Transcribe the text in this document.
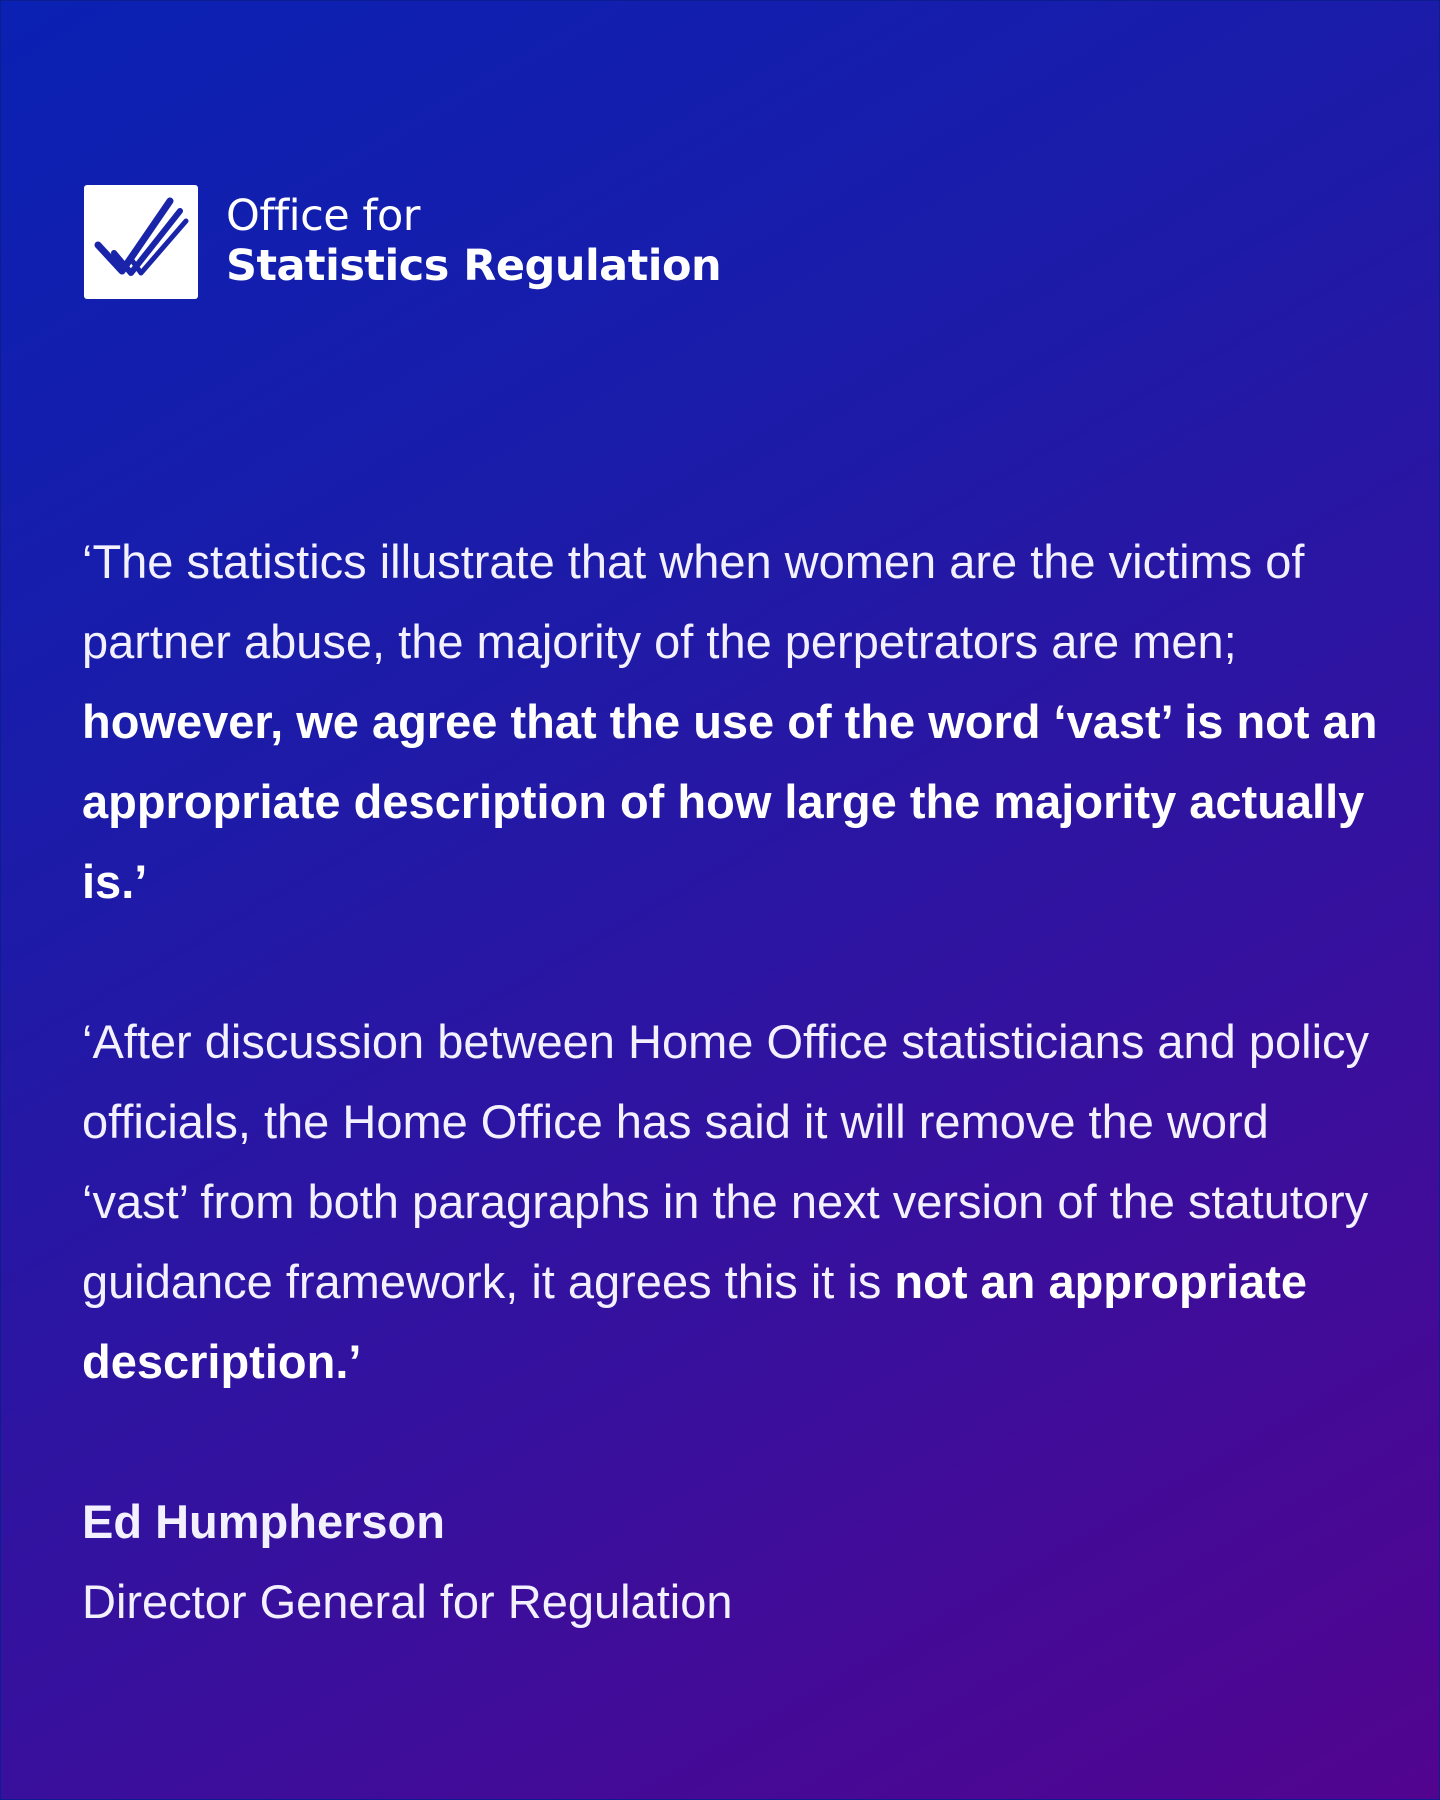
Office for
Statistics Regulation

‘The statistics illustrate that when women are the victims of partner abuse, the majority of the perpetrators are men; however, we agree that the use of the word ‘vast’ is not an appropriate description of how large the majority actually is.’

‘After discussion between Home Office statisticians and policy officials, the Home Office has said it will remove the word ‘vast’ from both paragraphs in the next version of the statutory guidance framework, it agrees this it is not an appropriate description.’

Ed Humpherson
Director General for Regulation
